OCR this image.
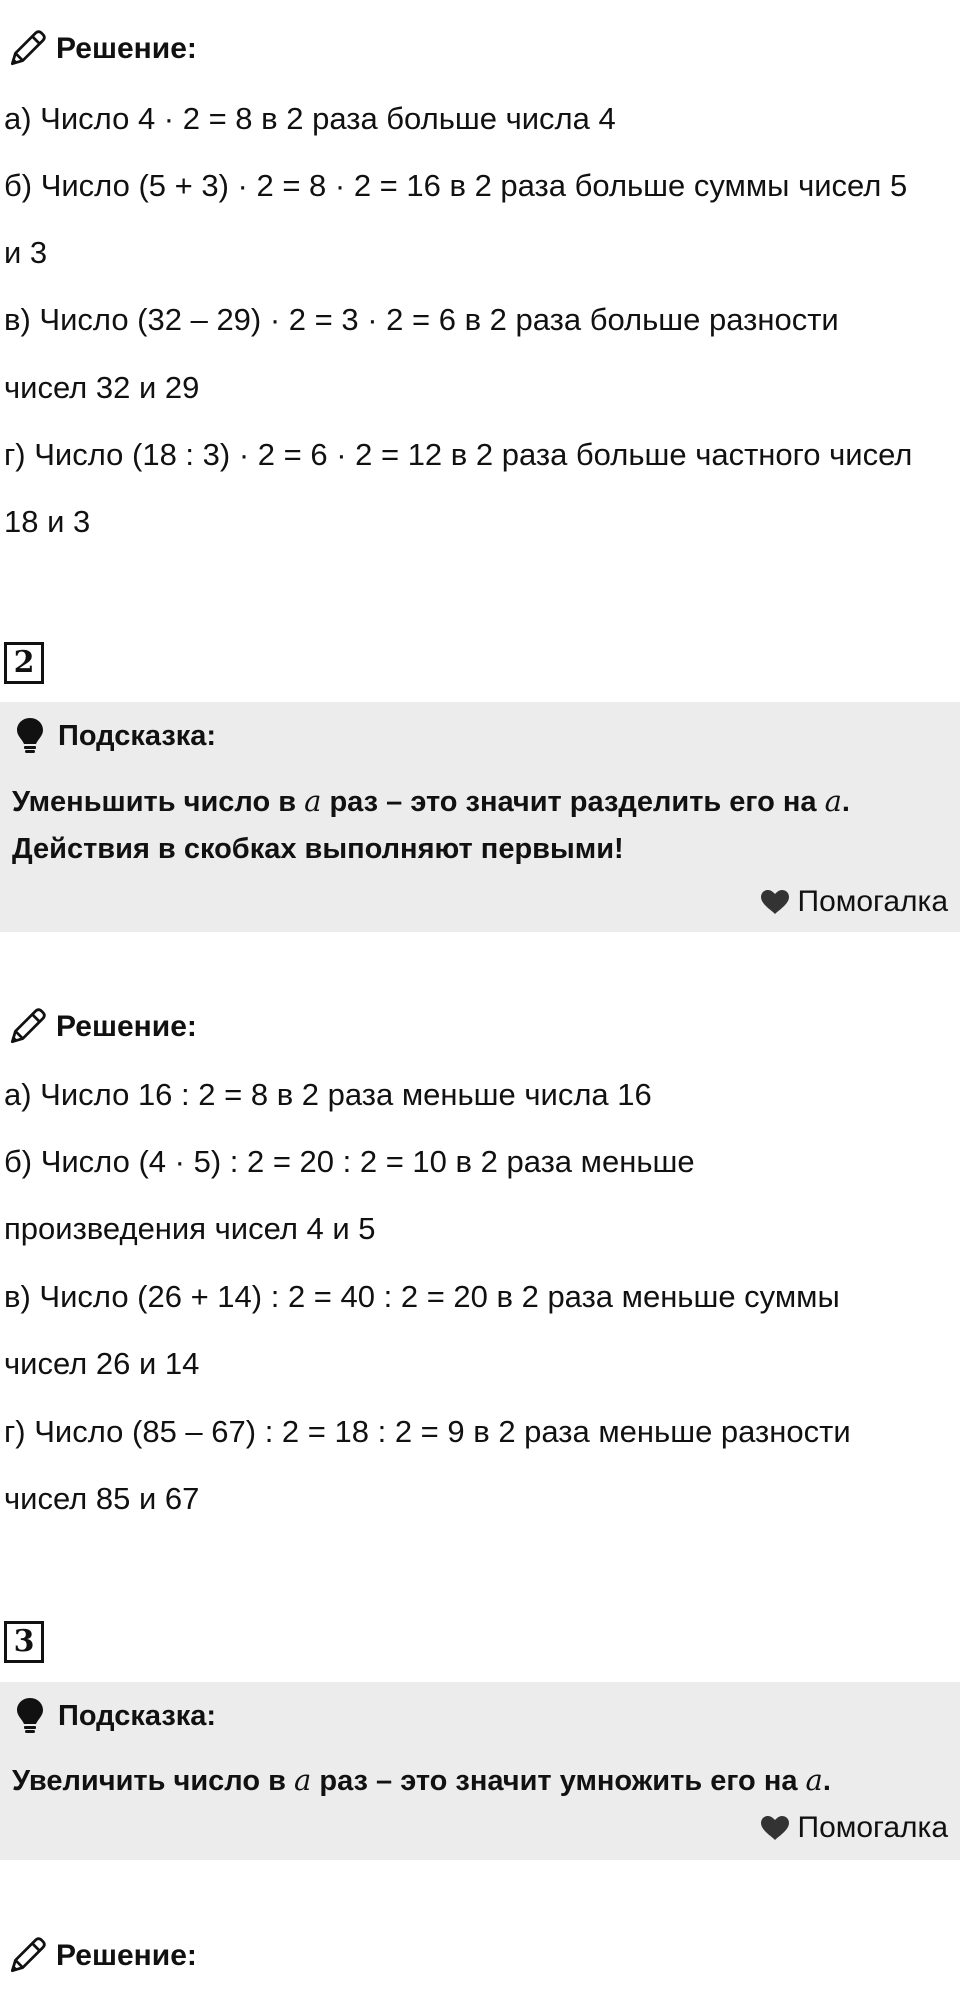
Решение:
а) Число 4 · 2 = 8 в 2 раза больше числа 4
б) Число (5 + 3) · 2 = 8 · 2 = 16 в 2 раза больше суммы чисел 5
и 3
в) Число (32 – 29) · 2 = 3 · 2 = 6 в 2 раза больше разности
чисел 32 и 29
г) Число (18 : 3) · 2 = 6 · 2 = 12 в 2 раза больше частного чисел
18 и 3
2
Подсказка:
Уменьшить число в a раз – это значит разделить его на a.
Действия в скобках выполняют первыми!
Помогалка
Решение:
а) Число 16 : 2 = 8 в 2 раза меньше числа 16
б) Число (4 · 5) : 2 = 20 : 2 = 10 в 2 раза меньше
произведения чисел 4 и 5
в) Число (26 + 14) : 2 = 40 : 2 = 20 в 2 раза меньше суммы
чисел 26 и 14
г) Число (85 – 67) : 2 = 18 : 2 = 9 в 2 раза меньше разности
чисел 85 и 67
3
Подсказка:
Увеличить число в a раз – это значит умножить его на a.
Помогалка
Решение:
